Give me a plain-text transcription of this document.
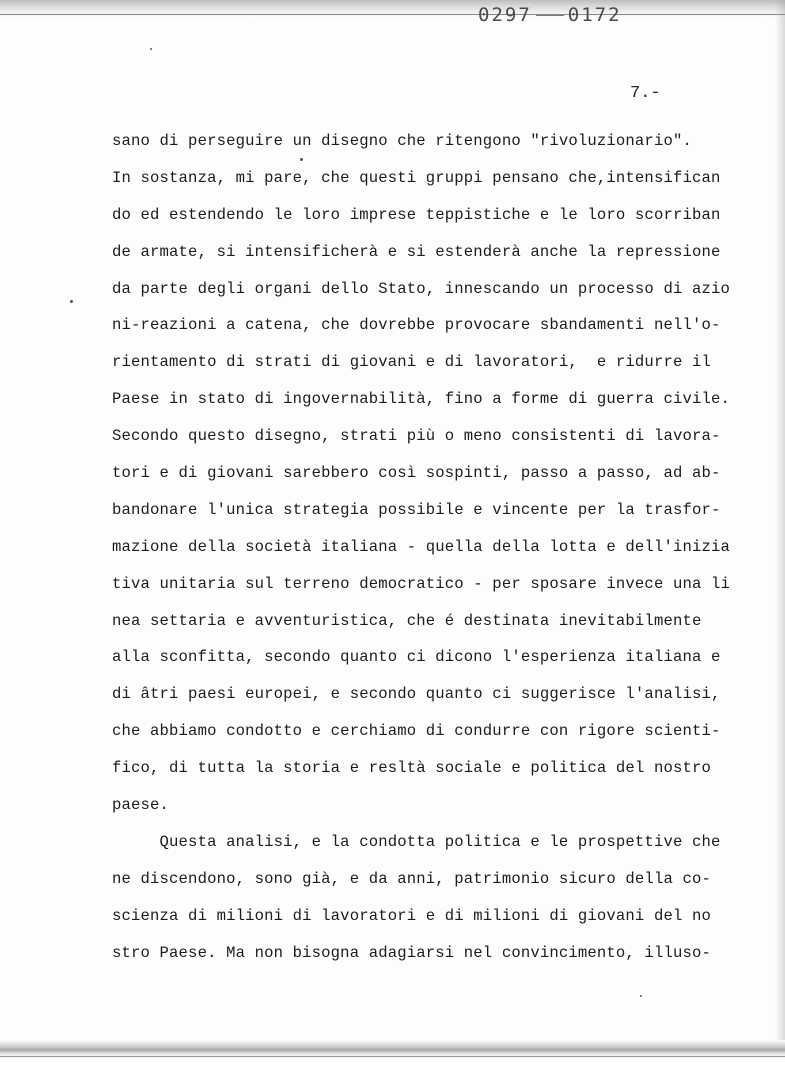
0297 0172
7.-
sano di perseguire un disegno che ritengono "rivoluzionario".
In sostanza, mi pare, che questi gruppi pensano che,intensifican
do ed estendendo le loro imprese teppistiche e le loro scorriban
de armate, si intensificherà e si estenderà anche la repressione
da parte degli organi dello Stato, innescando un processo di azio
ni-reazioni a catena, che dovrebbe provocare sbandamenti nell'o-
rientamento di strati di giovani e di lavoratori,  e ridurre il
Paese in stato di ingovernabilità, fino a forme di guerra civile.
Secondo questo disegno, strati più o meno consistenti di lavora-
tori e di giovani sarebbero così sospinti, passo a passo, ad ab-
bandonare l'unica strategia possibile e vincente per la trasfor-
mazione della società italiana - quella della lotta e dell'inizia
tiva unitaria sul terreno democratico - per sposare invece una li
nea settaria e avventuristica, che é destinata inevitabilmente
alla sconfitta, secondo quanto ci dicono l'esperienza italiana e
di âtri paesi europei, e secondo quanto ci suggerisce l'analisi,
che abbiamo condotto e cerchiamo di condurre con rigore scienti-
fico, di tutta la storia e resltà sociale e politica del nostro
paese.
Questa analisi, e la condotta politica e le prospettive che
ne discendono, sono già, e da anni, patrimonio sicuro della co-
scienza di milioni di lavoratori e di milioni di giovani del no
stro Paese. Ma non bisogna adagiarsi nel convincimento, illuso-
